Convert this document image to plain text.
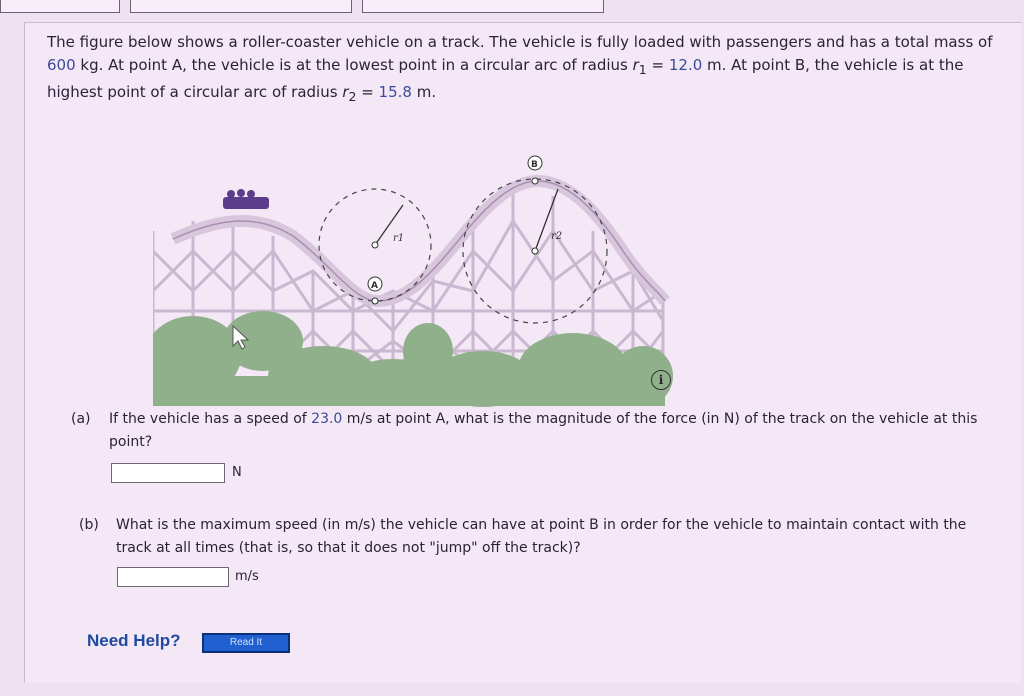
The figure below shows a roller-coaster vehicle on a track. The vehicle is fully loaded with passengers and has a total mass of 600 kg. At point A, the vehicle is at the lowest point in a circular arc of radius $r_1 = 12.0$ m. At point B, the vehicle is at the highest point of a circular arc of radius $r_2 = 15.8$ m.

r1
A
r2
B
i
(a) If the vehicle has a speed of 23.0 m/s at point A, what is the magnitude of the force (in N) of the track on the vehicle at this point?

N
(b) What is the maximum speed (in m/s) the vehicle can have at point B in order for the vehicle to maintain contact with the track at all times (that is, so that it does not "jump" off the track)?

m/s
Need Help?	Read It
